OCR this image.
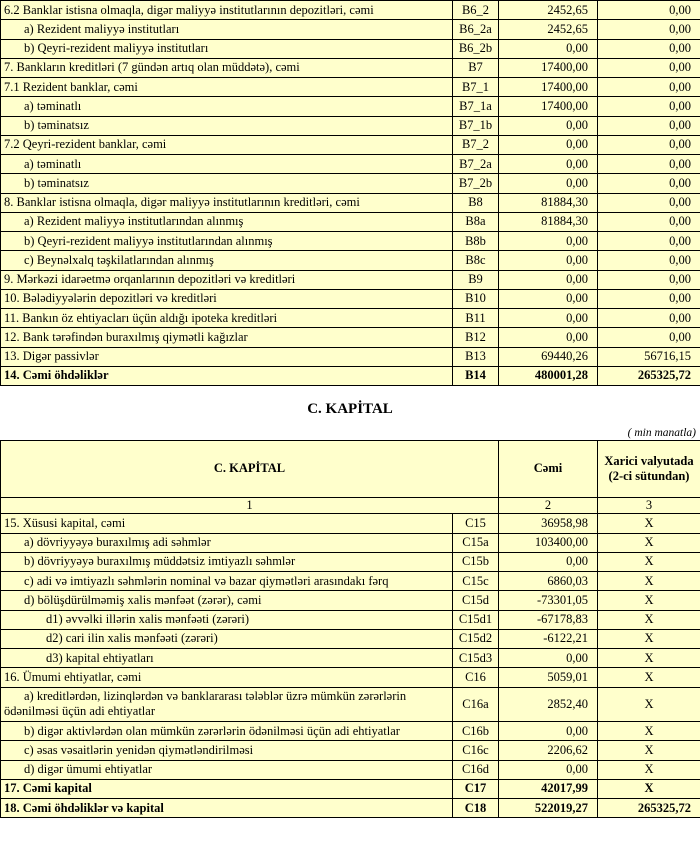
6.2 Banklar istisna olmaqla, digər maliyyə institutlarının depozitləri, cəmi	B6_2	2452,65	0,00
a) Rezident maliyyə institutları	B6_2a	2452,65	0,00
b) Qeyri-rezident maliyyə institutları	B6_2b	0,00	0,00
7. Bankların kreditləri (7 gündən artıq olan müddətə), cəmi	B7	17400,00	0,00
7.1 Rezident banklar, cəmi	B7_1	17400,00	0,00
a) təminatlı	B7_1a	17400,00	0,00
b) təminatsız	B7_1b	0,00	0,00
7.2 Qeyri-rezident banklar, cəmi	B7_2	0,00	0,00
a) təminatlı	B7_2a	0,00	0,00
b) təminatsız	B7_2b	0,00	0,00
8. Banklar istisna olmaqla, digər maliyyə institutlarının kreditləri, cəmi	B8	81884,30	0,00
a) Rezident maliyyə institutlarından alınmış	B8a	81884,30	0,00
b) Qeyri-rezident maliyyə institutlarından alınmış	B8b	0,00	0,00
c) Beynəlxalq təşkilatlarından alınmış	B8c	0,00	0,00
9. Mərkəzi idarəetmə orqanlarının depozitləri və kreditləri	B9	0,00	0,00
10. Bələdiyyələrin depozitləri və kreditləri	B10	0,00	0,00
11. Bankın öz ehtiyacları üçün aldığı ipoteka kreditləri	B11	0,00	0,00
12. Bank tərəfindən buraxılmış qiymətli kağızlar	B12	0,00	0,00
13. Digər passivlər	B13	69440,26	56716,15
14. Cəmi öhdəliklər	B14	480001,28	265325,72
C. KAPİTAL
( min manatla)
C. KAPİTAL		Cəmi	Xarici valyutada (2-ci sütundan)
1		2	3
15. Xüsusi kapital, cəmi	C15	36958,98	X
a) dövriyyəyə buraxılmış adi səhmlər	C15a	103400,00	X
b) dövriyyəyə buraxılmış müddətsiz imtiyazlı səhmlər	C15b	0,00	X
c) adi və imtiyazlı səhmlərin nominal və bazar qiymətləri arasındakı fərq	C15c	6860,03	X
d) bölüşdürülməmiş xalis mənfəət (zərər), cəmi	C15d	-73301,05	X
d1) əvvəlki illərin xalis mənfəəti (zərəri)	C15d1	-67178,83	X
d2) cari ilin xalis mənfəəti (zərəri)	C15d2	-6122,21	X
d3) kapital ehtiyatları	C15d3	0,00	X
16. Ümumi ehtiyatlar, cəmi	C16	5059,01	X
a) kreditlərdən, lizinqlərdən və banklararası tələblər üzrə mümkün zərərlərin ödənilməsi üçün adi ehtiyatlar	C16a	2852,40	X
b) digər aktivlərdən olan mümkün zərərlərin ödənilməsi üçün adi ehtiyatlar	C16b	0,00	X
c) əsas vəsaitlərin yenidən qiymətləndirilməsi	C16c	2206,62	X
d) digər ümumi ehtiyatlar	C16d	0,00	X
17. Cəmi kapital	C17	42017,99	X
18. Cəmi öhdəliklər və kapital	C18	522019,27	265325,72
